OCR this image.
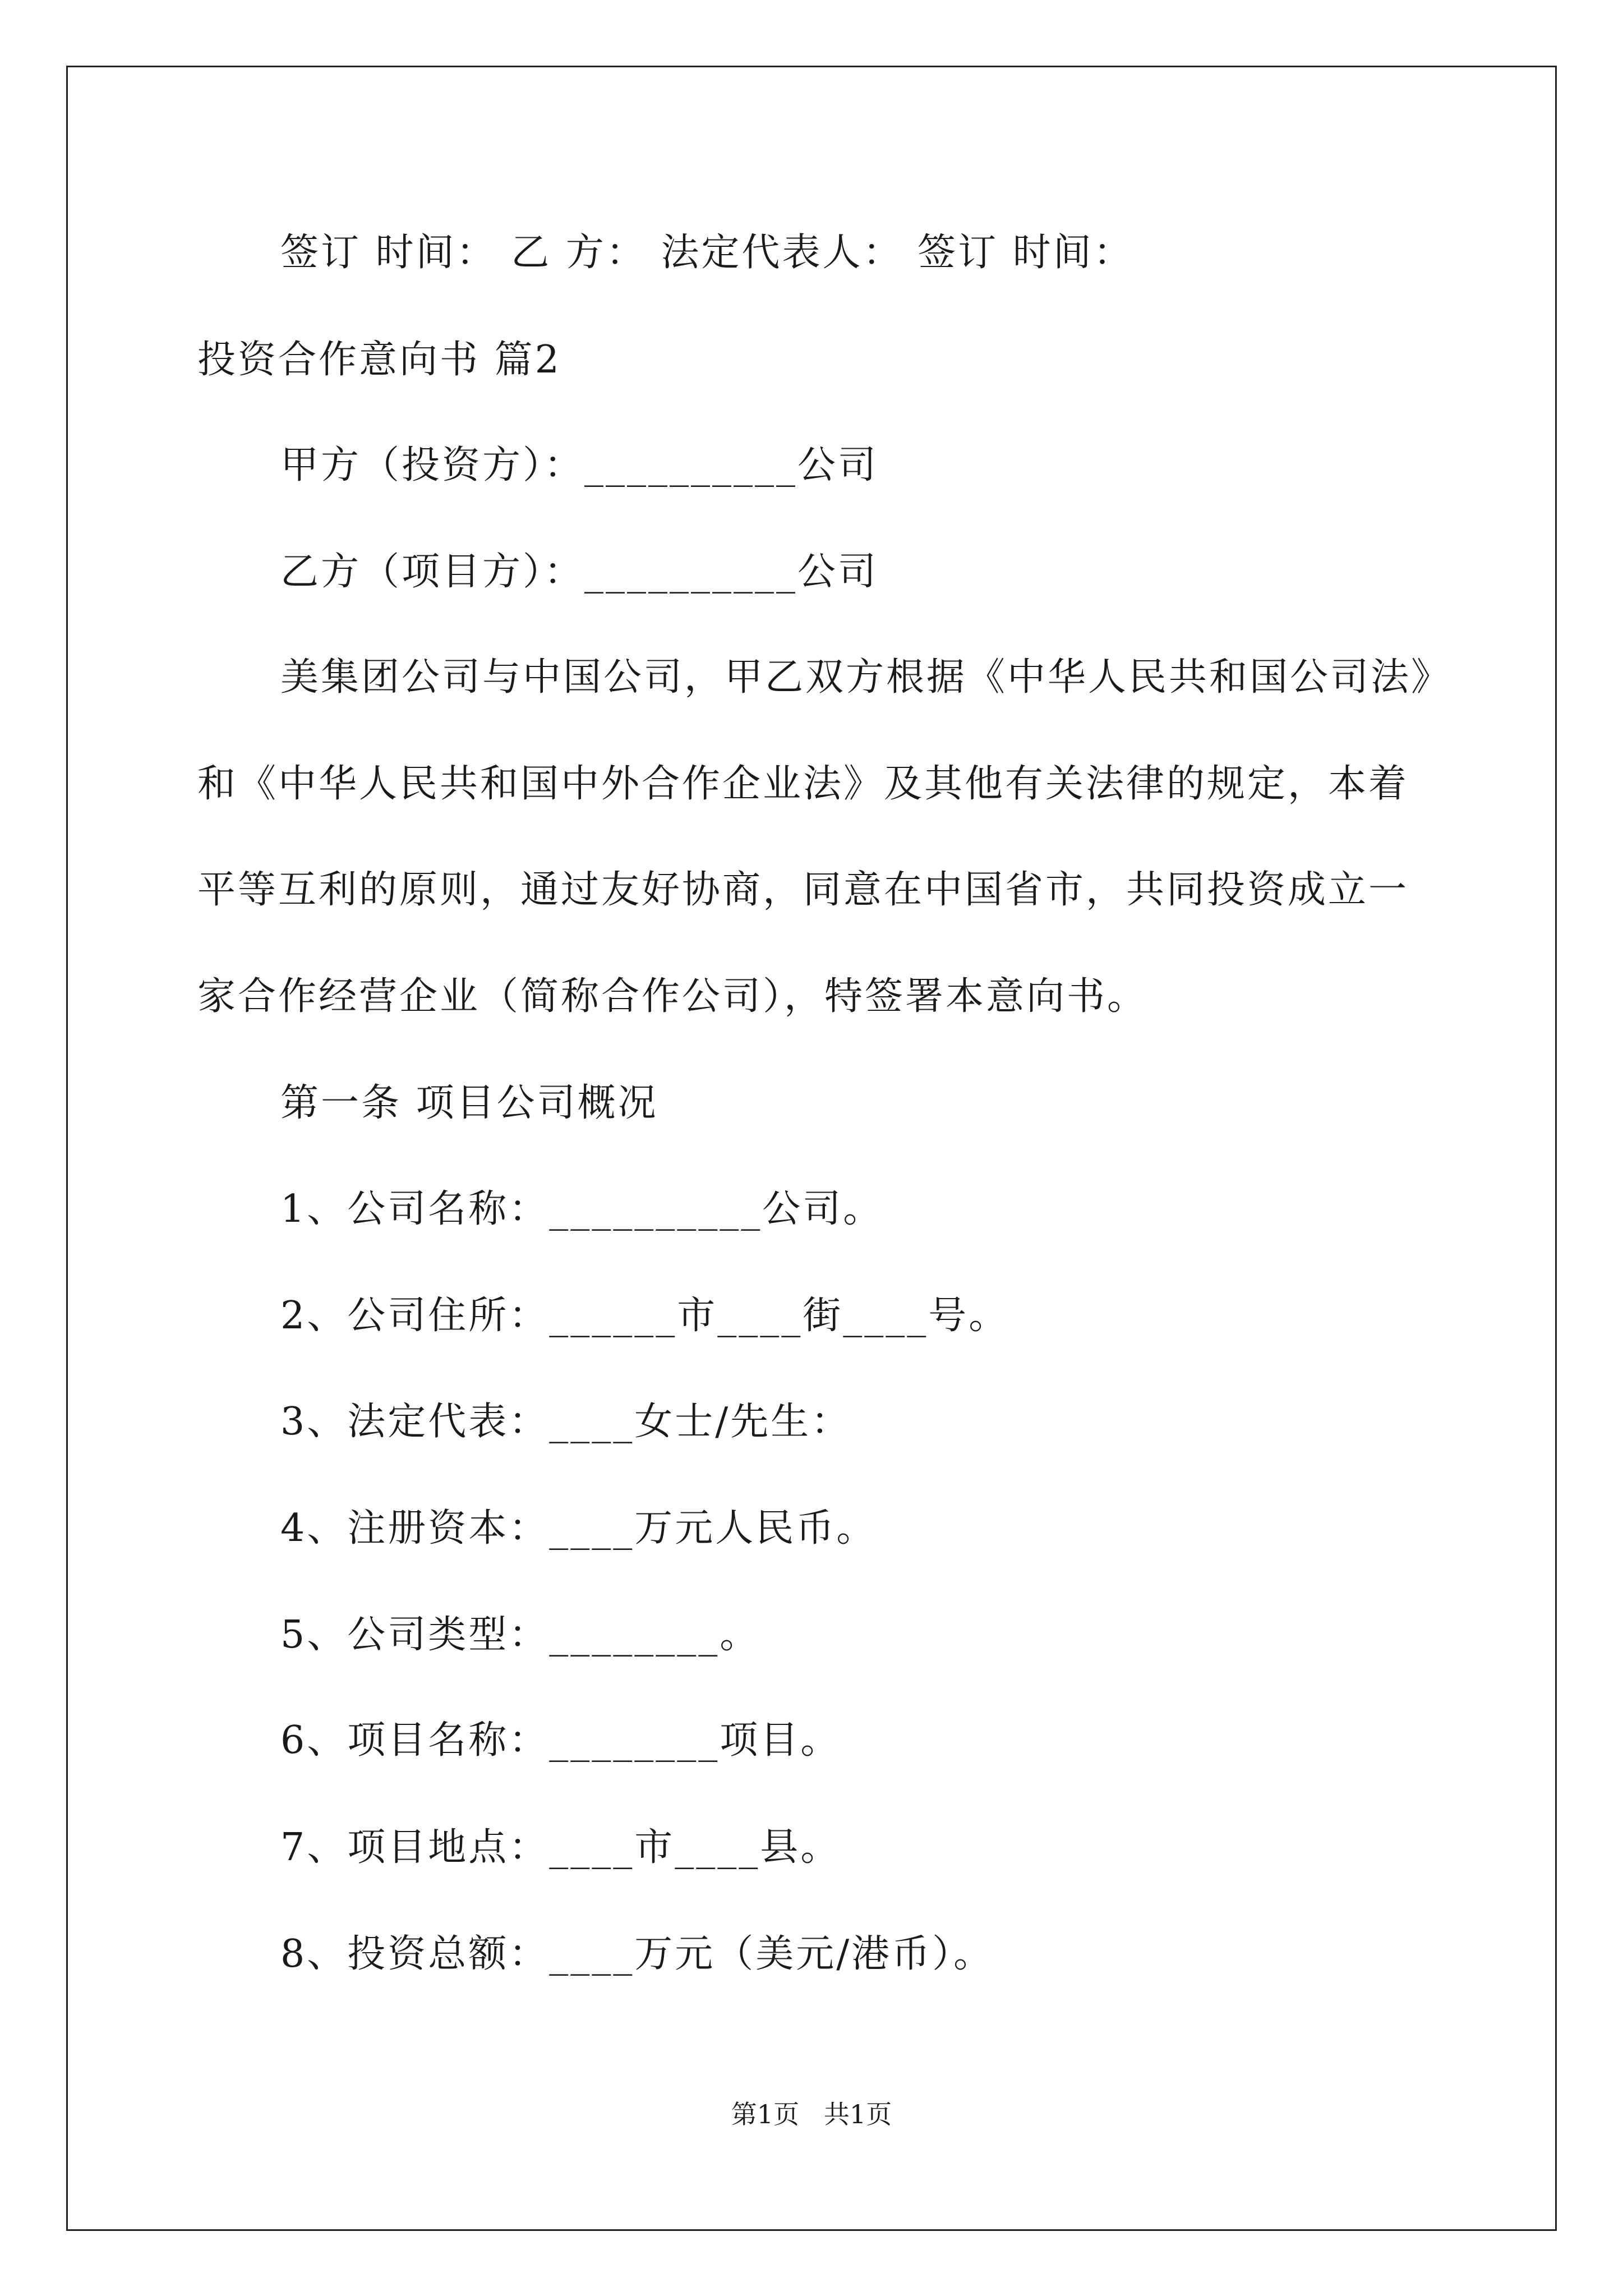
签订 时间： 乙 方： 法定代表人： 签订 时间：
投资合作意向书 篇2
甲方（投资方）：__________公司
乙方（项目方）：__________公司
美集团公司与中国公司，甲乙双方根据《中华人民共和国公司法》
和《中华人民共和国中外合作企业法》及其他有关法律的规定，本着
平等互利的原则，通过友好协商，同意在中国省市，共同投资成立一
家合作经营企业（简称合作公司），特签署本意向书。
第一条 项目公司概况
1、公司名称：__________公司。
2、公司住所：______市____街____号。
3、法定代表：____女士/先生：
4、注册资本：____万元人民币。
5、公司类型：________。
6、项目名称：________项目。
7、项目地点：____市____县。
8、投资总额：____万元（美元/港币）。
第1页   共1页
